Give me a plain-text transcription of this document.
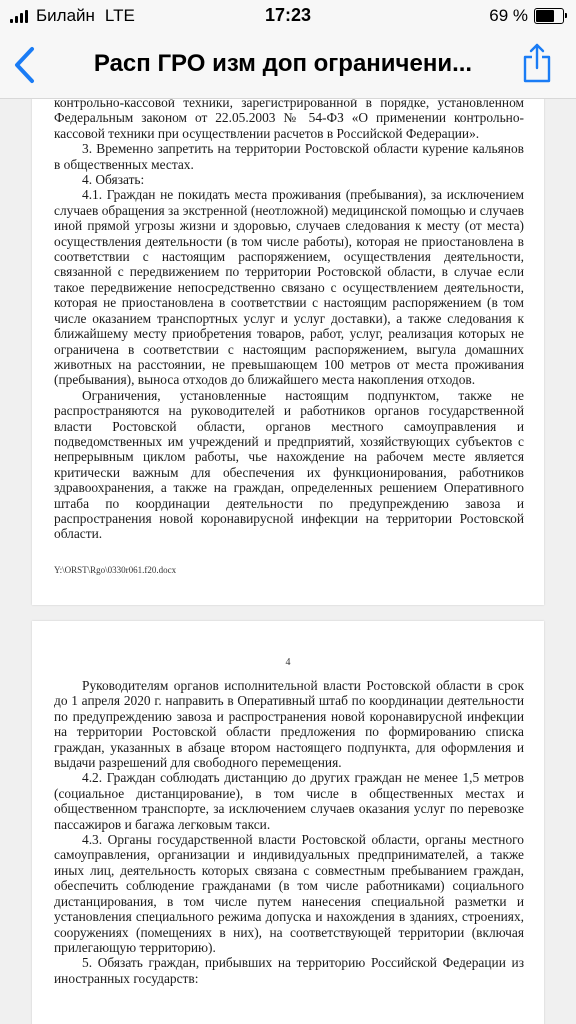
Билайн LTE	17:23	69 %
Расп ГРО изм доп ограничени...

контрольно-кассовой техники, зарегистрированной в порядке, установленном Федеральным законом от 22.05.2003 № 54-ФЗ «О применении контрольно-кассовой техники при осуществлении расчетов в Российской Федерации».

3. Временно запретить на территории Ростовской области курение кальянов в общественных местах.

4. Обязать:

4.1. Граждан не покидать места проживания (пребывания), за исключением случаев обращения за экстренной (неотложной) медицинской помощью и случаев иной прямой угрозы жизни и здоровью, случаев следования к месту (от места) осуществления деятельности (в том числе работы), которая не приостановлена в соответствии с настоящим распоряжением, осуществления деятельности, связанной с передвижением по территории Ростовской области, в случае если такое передвижение непосредственно связано с осуществлением деятельности, которая не приостановлена в соответствии с настоящим распоряжением (в том числе оказанием транспортных услуг и услуг доставки), а также следования к ближайшему месту приобретения товаров, работ, услуг, реализация которых не ограничена в соответствии с настоящим распоряжением, выгула домашних животных на расстоянии, не превышающем 100 метров от места проживания (пребывания), выноса отходов до ближайшего места накопления отходов.

Ограничения, установленные настоящим подпунктом, также не распространяются на руководителей и работников органов государственной власти Ростовской области, органов местного самоуправления и подведомственных им учреждений и предприятий, хозяйствующих субъектов с непрерывным циклом работы, чье нахождение на рабочем месте является критически важным для обеспечения их функционирования, работников здравоохранения, а также на граждан, определенных решением Оперативного штаба по координации деятельности по предупреждению завоза и распространения новой коронавирусной инфекции на территории Ростовской области.

Y:\ORST\Rgo\0330r061.f20.docx
4

Руководителям органов исполнительной власти Ростовской области в срок до 1 апреля 2020 г. направить в Оперативный штаб по координации деятельности по предупреждению завоза и распространения новой коронавирусной инфекции на территории Ростовской области предложения по формированию списка граждан, указанных в абзаце втором настоящего подпункта, для оформления и выдачи разрешений для свободного перемещения.

4.2. Граждан соблюдать дистанцию до других граждан не менее 1,5 метров (социальное дистанцирование), в том числе в общественных местах и общественном транспорте, за исключением случаев оказания услуг по перевозке пассажиров и багажа легковым такси.

4.3. Органы государственной власти Ростовской области, органы местного самоуправления, организации и индивидуальных предпринимателей, а также иных лиц, деятельность которых связана с совместным пребыванием граждан, обеспечить соблюдение гражданами (в том числе работниками) социального дистанцирования, в том числе путем нанесения специальной разметки и установления специального режима допуска и нахождения в зданиях, строениях, сооружениях (помещениях в них), на соответствующей территории (включая прилегающую территорию).

5. Обязать граждан, прибывших на территорию Российской Федерации из иностранных государств:
